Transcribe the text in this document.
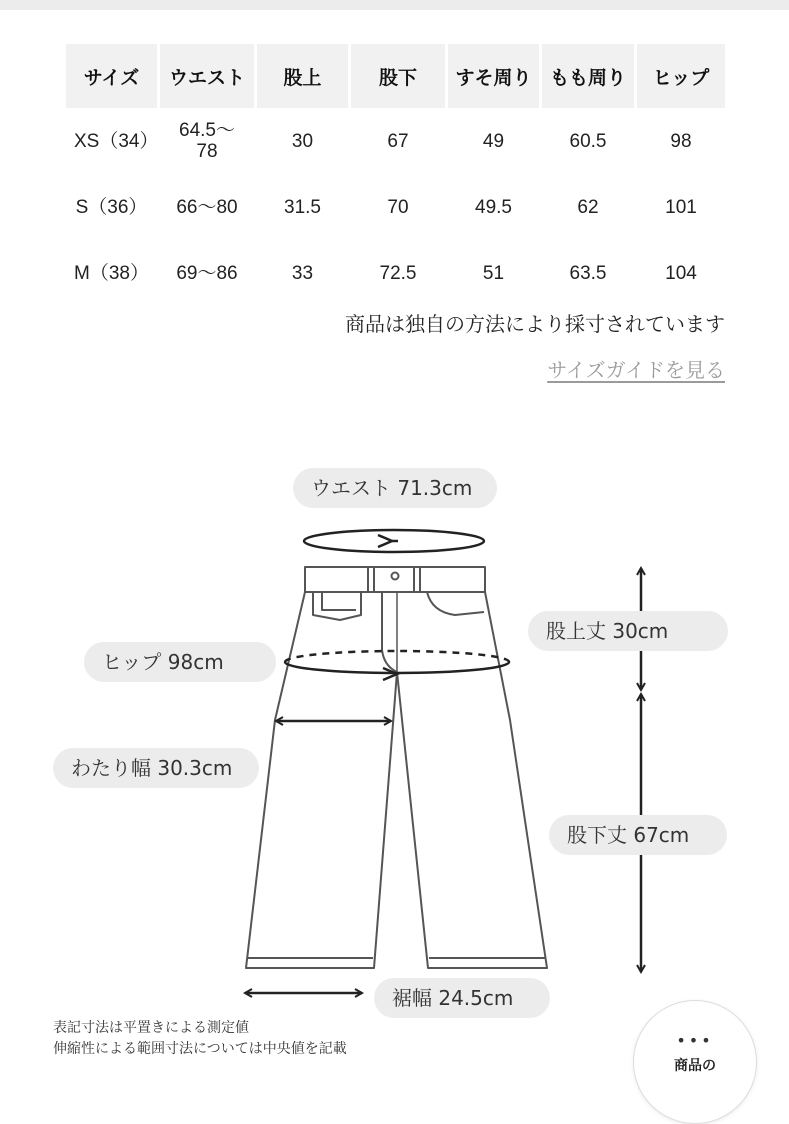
サイズ	ウエスト	股上	股下	すそ周り	もも周り	ヒップ
XS（34）	64.5〜78	30	67	49	60.5	98
S（36）	66〜80	31.5	70	49.5	62	101
M（38）	69〜86	33	72.5	51	63.5	104
商品は独自の方法により採寸されています
サイズガイドを見る
ウエスト 71.3cm
ヒップ 98cm
わたり幅 30.3cm
股上丈 30cm
股下丈 67cm
裾幅 24.5cm
表記寸法は平置きによる測定値
伸縮性による範囲寸法については中央値を記載	•••
商品の
